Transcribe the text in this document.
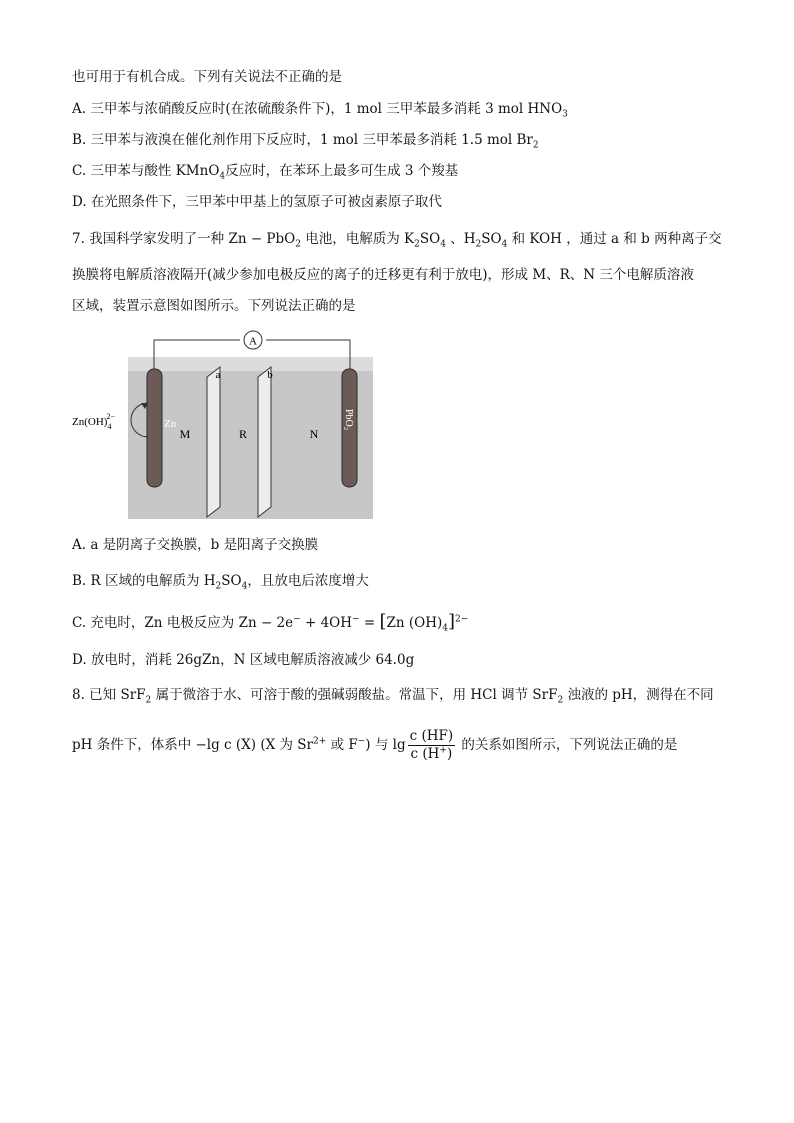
也可用于有机合成。下列有关说法不正确的是
A. 三甲苯与浓硝酸反应时(在浓硫酸条件下)，1 mol 三甲苯最多消耗 3 mol $HNO_3$
B. 三甲苯与液溴在催化剂作用下反应时，1 mol 三甲苯最多消耗 1.5 mol $Br_2$
C. 三甲苯与酸性 KMnO$_4$反应时，在苯环上最多可生成 3 个羧基
D. 在光照条件下，三甲苯中甲基上的氢原子可被卤素原子取代
7. 我国科学家发明了一种 Zn − PbO$_2$ 电池，电解质为 $K_2SO_4$ 、$H_2SO_4$ 和 KOH ，通过 a 和 b 两种离子交
换膜将电解质溶液隔开(减少参加电极反应的离子的迁移更有利于放电)，形成 M、R、N 三个电解质溶液
区域，装置示意图如图所示。下列说法正确的是
A
Zn	PbO₂
a	b
M	R	N
$Zn(OH)_42-$
A. a 是阴离子交换膜，b 是阳离子交换膜
B. R 区域的电解质为 $H_2SO_4$，且放电后浓度增大
C. 充电时，Zn 电极反应为 Zn − 2e− + 4OH− = [Zn $(OH)_4]^{2-}$
D. 放电时，消耗 26gZn，N 区域电解质溶液减少 64.0g
8. 已知 SrF$_2$ 属于微溶于水、可溶于酸的强碱弱酸盐。常温下，用 HCl 调节 SrF$_2$ 浊液的 pH，测得在不同
pH 条件下，体系中 −lg c (X) (X 为 $Sr^{2+}$ 或 F−) 与 $\lg \frac{c (HF)}{c (H^+)}$ 的关系如图所示，下列说法正确的是
